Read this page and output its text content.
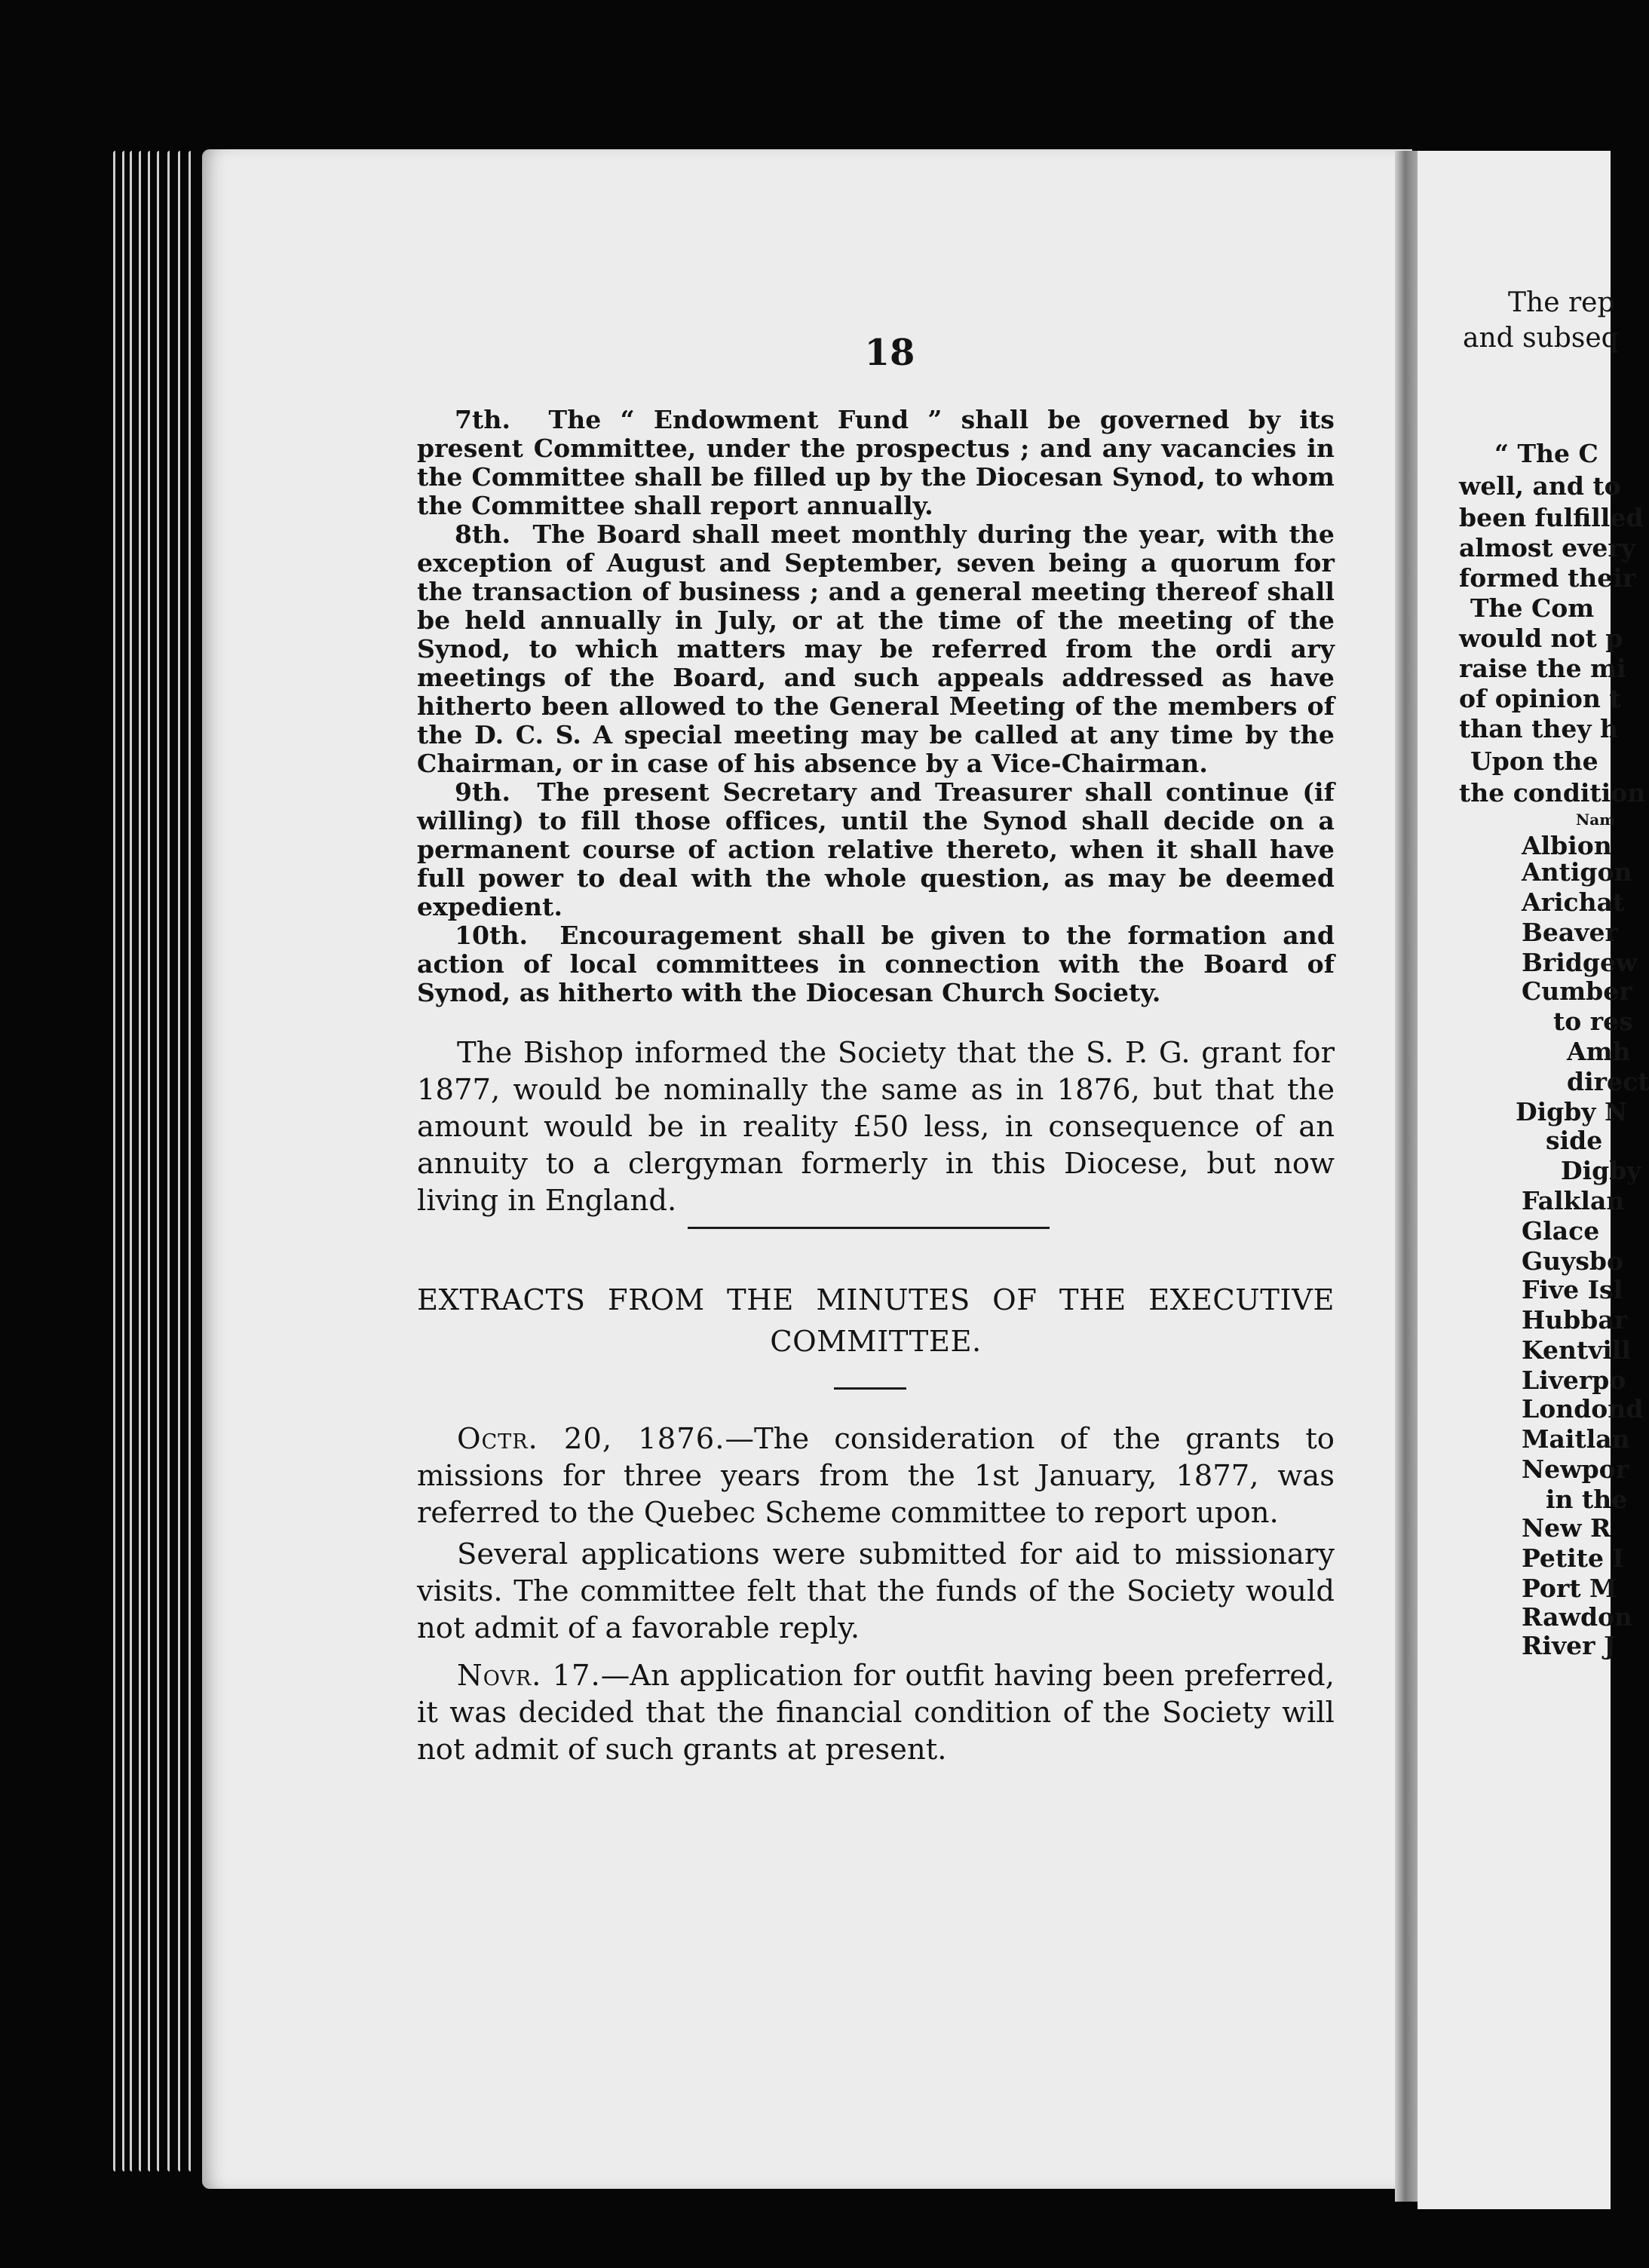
18

7th. The “ Endowment Fund ” shall be governed by its present Committee, under the prospectus ; and any vacancies in the Committee shall be filled up by the Diocesan Synod, to whom the Committee shall report annually.

8th. The Board shall meet monthly during the year, with the exception of August and September, seven being a quorum for the transaction of business ; and a general meeting thereof shall be held annually in July, or at the time of the meeting of the Synod, to which matters may be referred from the ordi ary meetings of the Board, and such appeals addressed as have hitherto been allowed to the General Meeting of the members of the D. C. S. A special meeting may be called at any time by the Chairman, or in case of his absence by a Vice-Chairman.

9th. The present Secretary and Treasurer shall continue (if willing) to fill those offices, until the Synod shall decide on a permanent course of action relative thereto, when it shall have full power to deal with the whole question, as may be deemed expedient.

10th. Encouragement shall be given to the formation and action of local committees in connection with the Board of Synod, as hitherto with the Diocesan Church Society.

The Bishop informed the Society that the S. P. G. grant for 1877, would be nominally the same as in 1876, but that the amount would be in reality £50 less, in consequence of an annuity to a clergyman formerly in this Diocese, but now living in England.

EXTRACTS FROM THE MINUTES OF THE EXECUTIVE
COMMITTEE.

Octr. 20, 1876.—The consideration of the grants to missions for three years from the 1st January, 1877, was referred to the Quebec Scheme committee to report upon.

Several applications were submitted for aid to missionary visits. The committee felt that the funds of the Society would not admit of a favorable reply.

Novr. 17.—An application for outfit having been preferred, it was decided that the financial condition of the Society will not admit of such grants at present.

The rep
and subseq
“ The C
well, and to
been fulfilled
almost every
formed their
The Com
would not p
raise the mi
of opinion t
than they h
Upon the
the condition
Nam
Albion
Antigon
Arichat
Beaver
Bridgew
Cumber
to res
Amh
direct
Digby N
side
Digby
Falklan
Glace
Guysbo
Five Isl
Hubbar
Kentvill
Liverpo
Londond
Maitlan
Newpor
in the
New R
Petite I
Port M
Rawdon
River J
